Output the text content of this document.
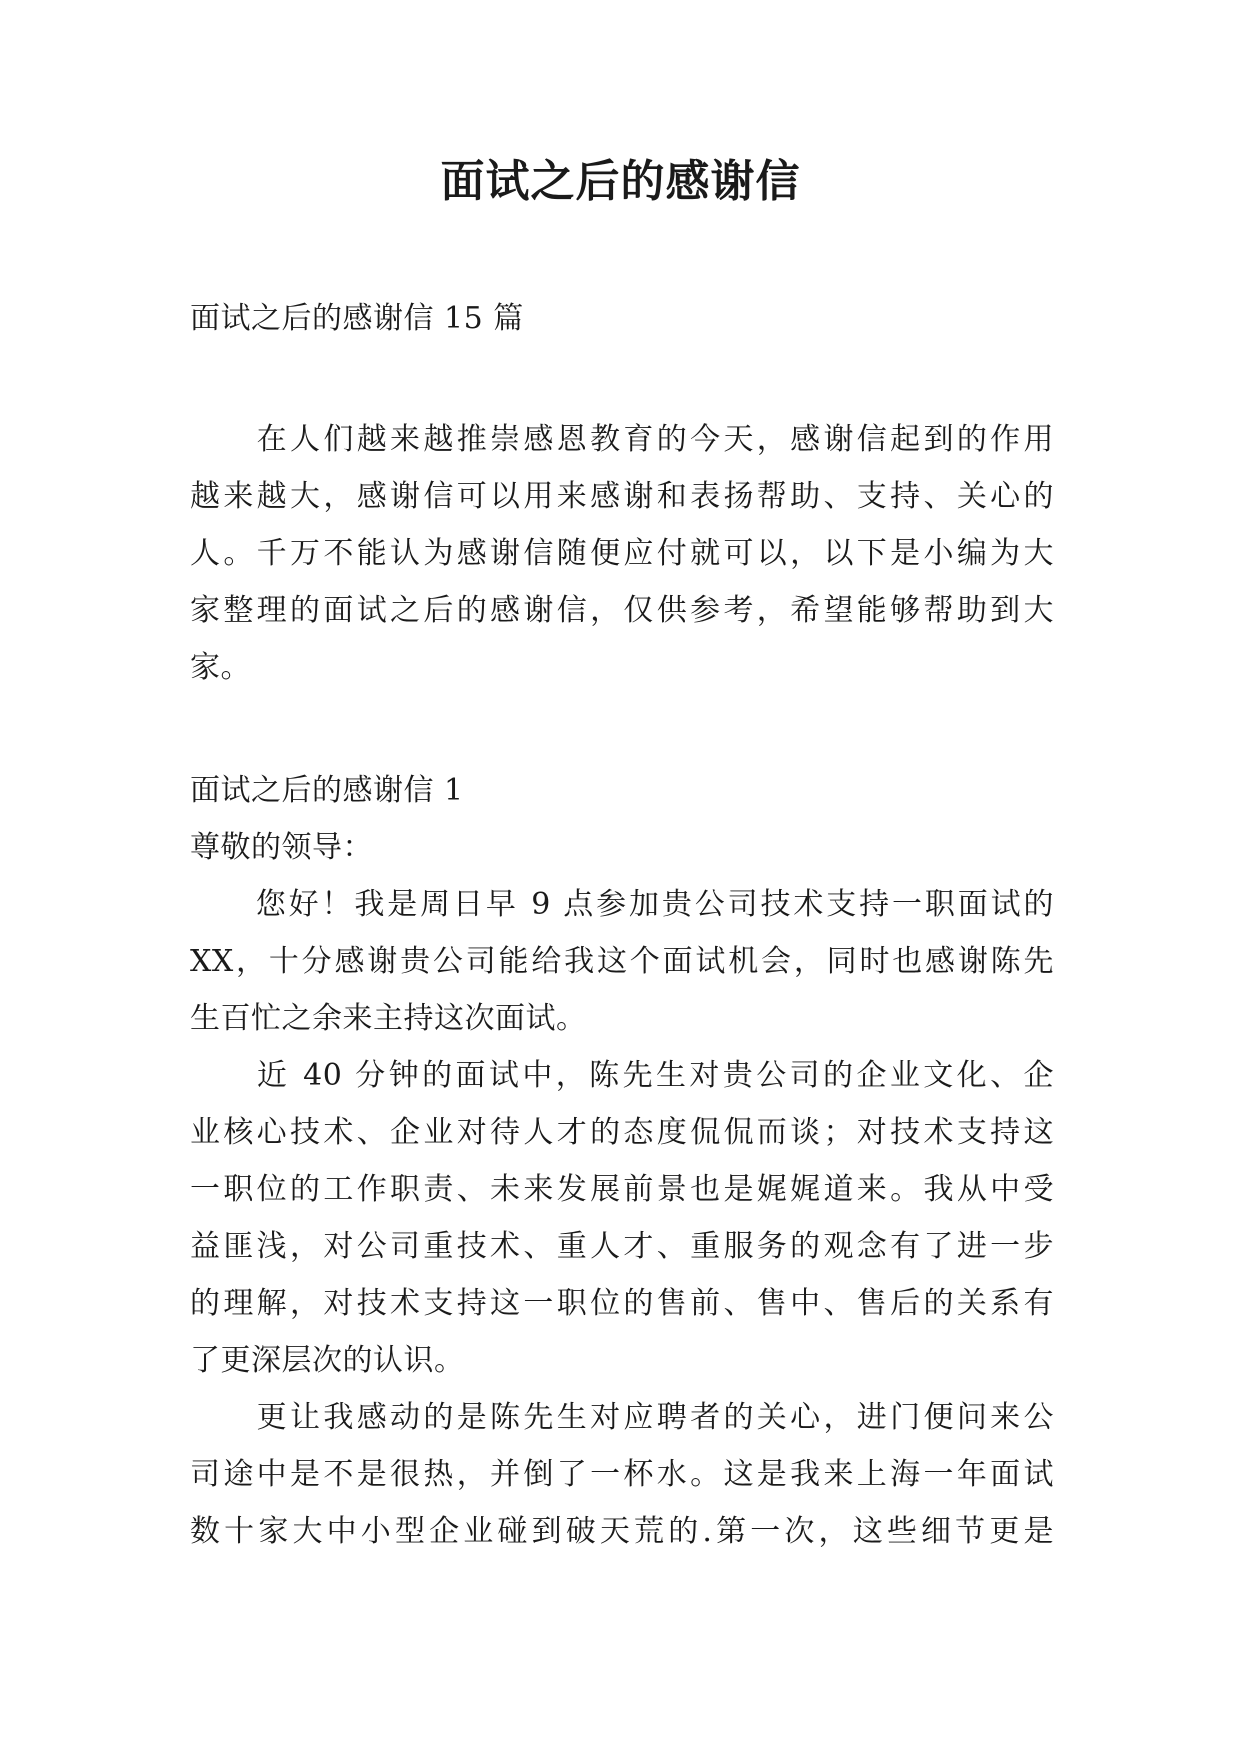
面试之后的感谢信
面试之后的感谢信 15 篇
　　在人们越来越推崇感恩教育的今天，感谢信起到的作用
越来越大，感谢信可以用来感谢和表扬帮助、支持、关心的
人。千万不能认为感谢信随便应付就可以，以下是小编为大
家整理的面试之后的感谢信，仅供参考，希望能够帮助到大
家。
面试之后的感谢信 1
尊敬的领导：
　　您好！我是周日早 9 点参加贵公司技术支持一职面试的
XX，十分感谢贵公司能给我这个面试机会，同时也感谢陈先
生百忙之余来主持这次面试。
　　近 40 分钟的面试中，陈先生对贵公司的企业文化、企
业核心技术、企业对待人才的态度侃侃而谈；对技术支持这
一职位的工作职责、未来发展前景也是娓娓道来。我从中受
益匪浅，对公司重技术、重人才、重服务的观念有了进一步
的理解，对技术支持这一职位的售前、售中、售后的关系有
了更深层次的认识。
　　更让我感动的是陈先生对应聘者的关心，进门便问来公
司途中是不是很热，并倒了一杯水。这是我来上海一年面试
数十家大中小型企业碰到破天荒的.第一次，这些细节更是
